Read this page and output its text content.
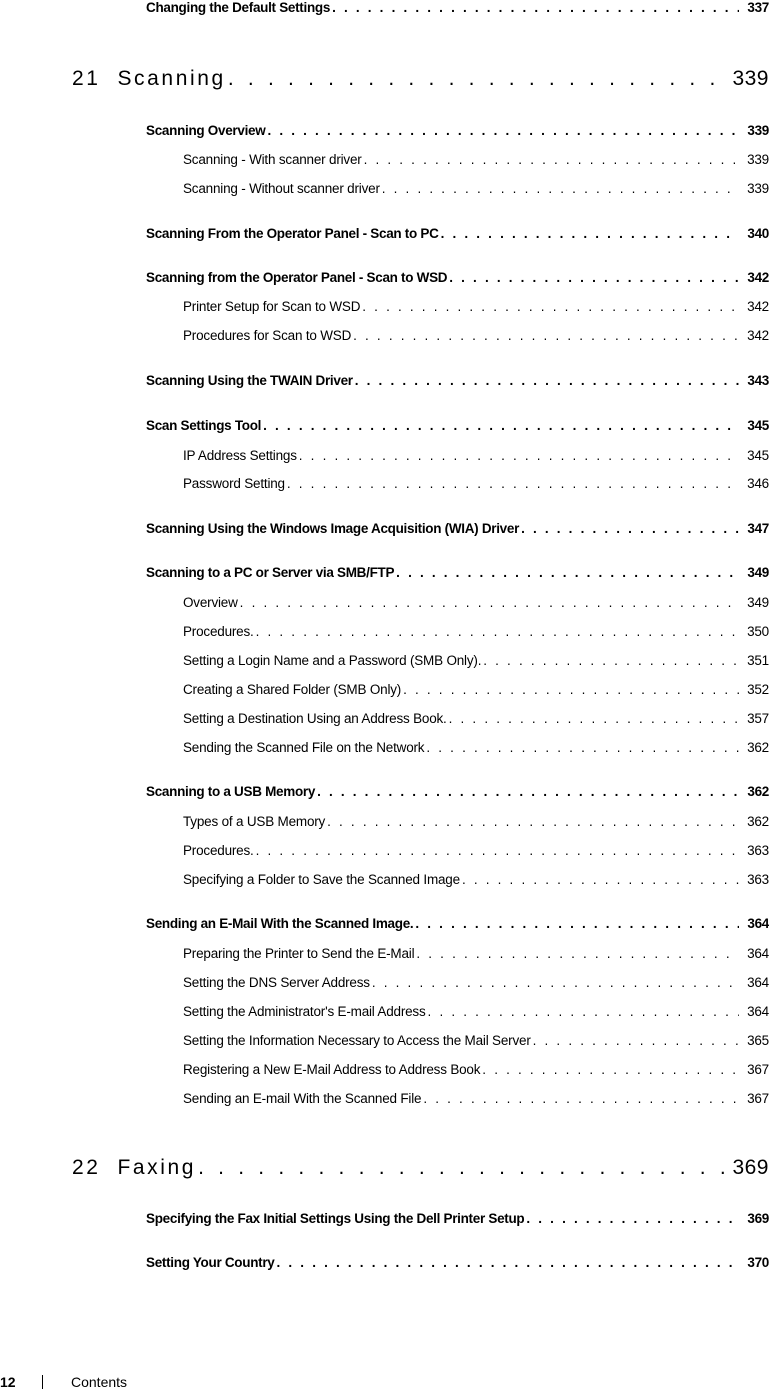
Changing the Default Settings . . .	337
21 Scanning . . .	339
Scanning Overview . . .	339
Scanning - With scanner driver . . .	339
Scanning - Without scanner driver . . .	339
Scanning From the Operator Panel - Scan to PC . . .	340
Scanning from the Operator Panel - Scan to WSD . . .	342
Printer Setup for Scan to WSD . . .	342
Procedures for Scan to WSD . . .	342
Scanning Using the TWAIN Driver . . .	343
Scan Settings Tool . . .	345
IP Address Settings . . .	345
Password Setting . . .	346
Scanning Using the Windows Image Acquisition (WIA) Driver . . .	347
Scanning to a PC or Server via SMB/FTP . . .	349
Overview . . .	349
Procedures. . . .	350
Setting a Login Name and a Password (SMB Only). . . .	351
Creating a Shared Folder (SMB Only) . . .	352
Setting a Destination Using an Address Book. . . .	357
Sending the Scanned File on the Network . . .	362
Scanning to a USB Memory . . .	362
Types of a USB Memory . . .	362
Procedures. . . .	363
Specifying a Folder to Save the Scanned Image . . .	363
Sending an E-Mail With the Scanned Image. . . .	364
Preparing the Printer to Send the E-Mail . . .	364
Setting the DNS Server Address . . .	364
Setting the Administrator's E-mail Address . . .	364
Setting the Information Necessary to Access the Mail Server . . .	365
Registering a New E-Mail Address to Address Book . . .	367
Sending an E-mail With the Scanned File . . .	367
22 Faxing . . .	369
Specifying the Fax Initial Settings Using the Dell Printer Setup . . .	369
Setting Your Country . . .	370
12	Contents
